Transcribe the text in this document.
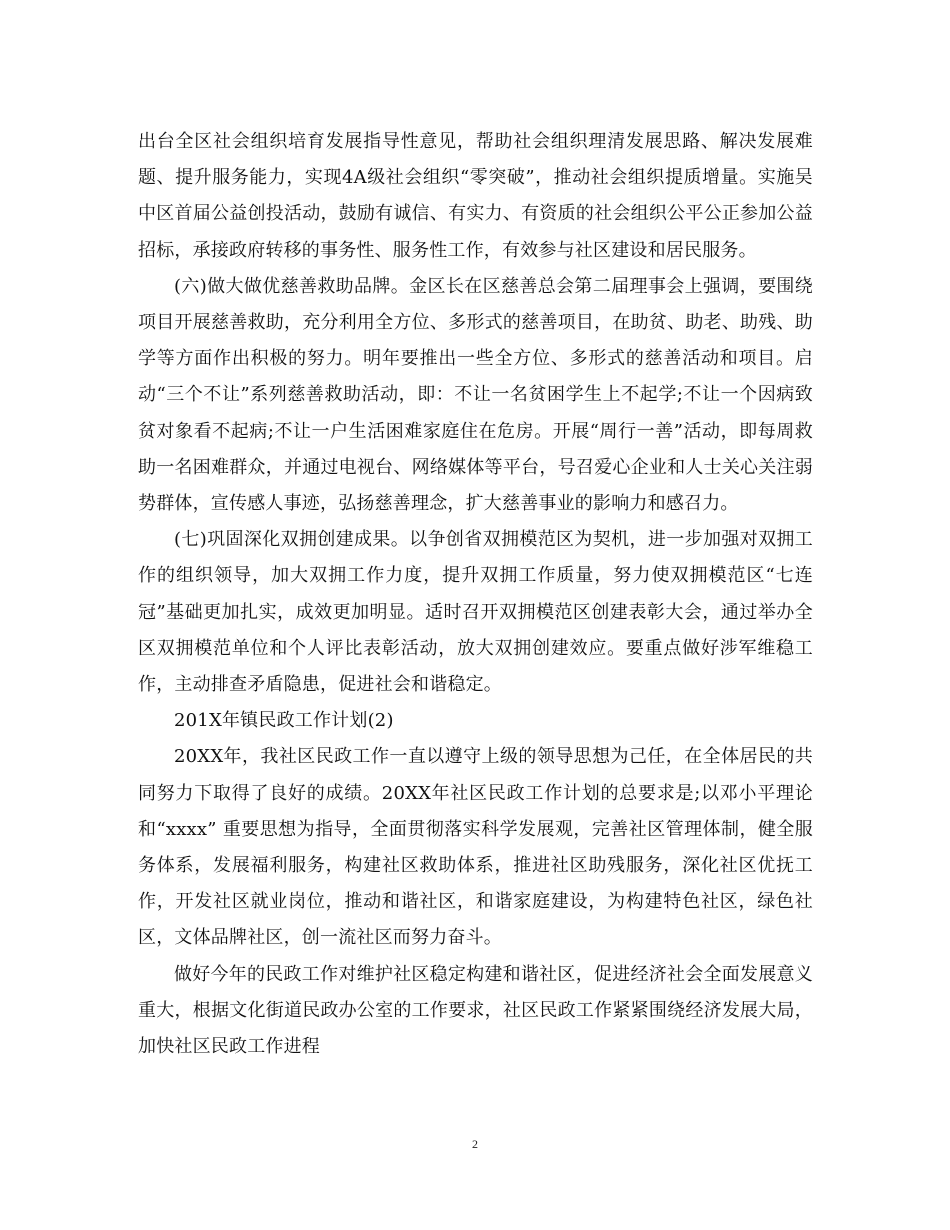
出台全区社会组织培育发展指导性意见，帮助社会组织理清发展思路、解决发展难题、提升服务能力，实现4A级社会组织“零突破”，推动社会组织提质增量。实施吴中区首届公益创投活动，鼓励有诚信、有实力、有资质的社会组织公平公正参加公益招标，承接政府转移的事务性、服务性工作，有效参与社区建设和居民服务。

(六)做大做优慈善救助品牌。金区长在区慈善总会第二届理事会上强调，要围绕项目开展慈善救助，充分利用全方位、多形式的慈善项目，在助贫、助老、助残、助学等方面作出积极的努力。明年要推出一些全方位、多形式的慈善活动和项目。启动“三个不让”系列慈善救助活动，即：不让一名贫困学生上不起学;不让一个因病致贫对象看不起病;不让一户生活困难家庭住在危房。开展“周行一善”活动，即每周救助一名困难群众，并通过电视台、网络媒体等平台，号召爱心企业和人士关心关注弱势群体，宣传感人事迹，弘扬慈善理念，扩大慈善事业的影响力和感召力。

(七)巩固深化双拥创建成果。以争创省双拥模范区为契机，进一步加强对双拥工作的组织领导，加大双拥工作力度，提升双拥工作质量，努力使双拥模范区“七连冠”基础更加扎实，成效更加明显。适时召开双拥模范区创建表彰大会，通过举办全区双拥模范单位和个人评比表彰活动，放大双拥创建效应。要重点做好涉军维稳工作，主动排查矛盾隐患，促进社会和谐稳定。

201X年镇民政工作计划(2)

20XX年，我社区民政工作一直以遵守上级的领导思想为己任，在全体居民的共同努力下取得了良好的成绩。20XX年社区民政工作计划的总要求是;以邓小平理论和“xxxx” 重要思想为指导，全面贯彻落实科学发展观，完善社区管理体制，健全服务体系，发展福利服务，构建社区救助体系，推进社区助残服务，深化社区优抚工作，开发社区就业岗位，推动和谐社区，和谐家庭建设，为构建特色社区，绿色社区，文体品牌社区，创一流社区而努力奋斗。

做好今年的民政工作对维护社区稳定构建和谐社区，促进经济社会全面发展意义重大，根据文化街道民政办公室的工作要求，社区民政工作紧紧围绕经济发展大局，加快社区民政工作进程

2
